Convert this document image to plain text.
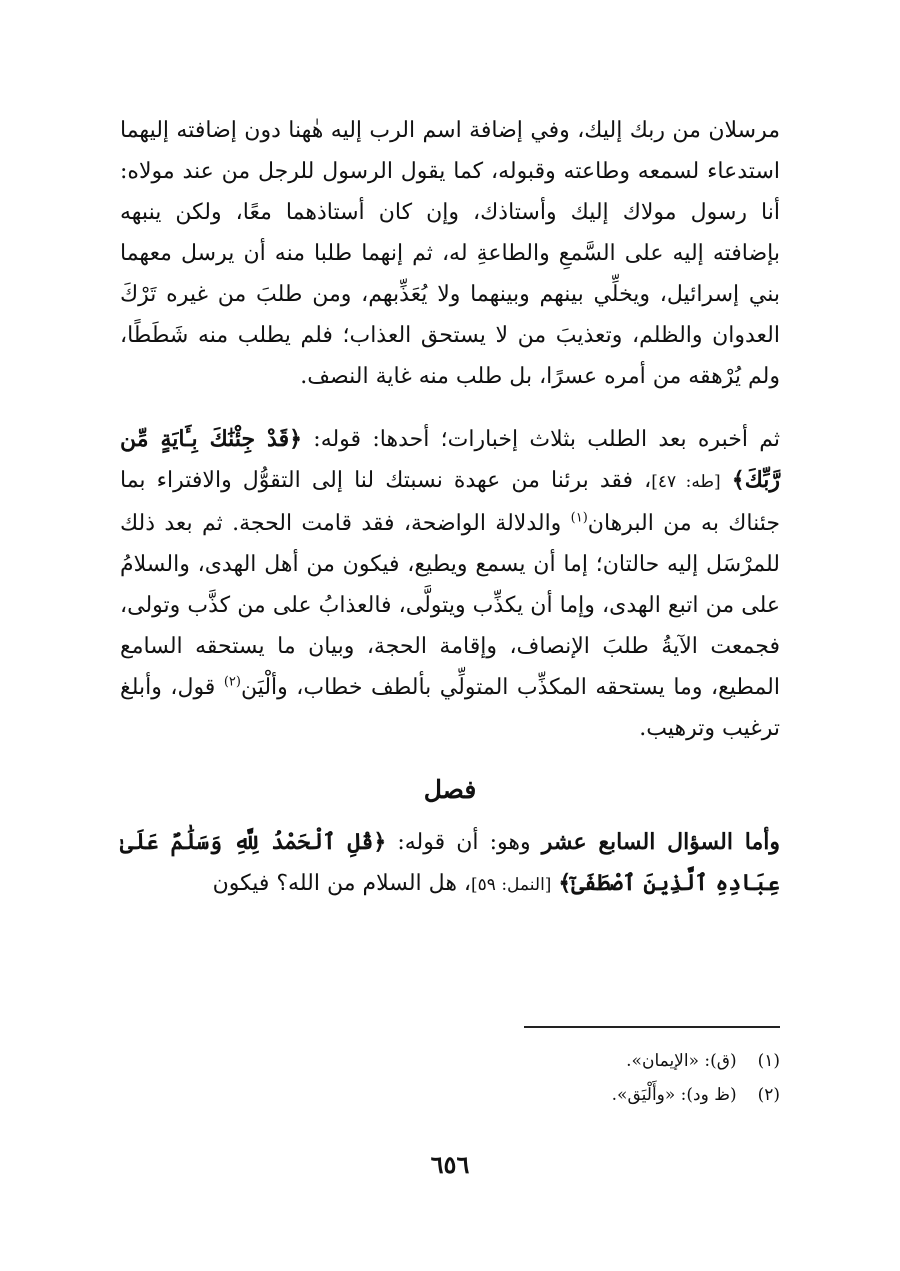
مرسلان من ربك إليك، وفي إضافة اسم الرب إليه هٰهنا دون إضافته إليهما استدعاء لسمعه وطاعته وقبوله، كما يقول الرسول للرجل من عند مولاه: أنا رسول مولاك إليك وأستاذك، وإن كان أستاذهما معًا، ولكن ينبهه بإضافته إليه على السَّمعِ والطاعةِ له، ثم إنهما طلبا منه أن يرسل معهما بني إسرائيل، ويخلِّي بينهم وبينهما ولا يُعَذِّبهم، ومن طلبَ من غيره تَرْكَ العدوان والظلم، وتعذيبَ من لا يستحق العذاب؛ فلم يطلب منه شَطَطًا، ولم يُرْهقه من أمره عسرًا، بل طلب منه غاية النصف.

ثم أخبره بعد الطلب بثلاث إخبارات؛ أحدها: قوله: ﴿قَدْ جِئْنَٰكَ بِـَٔايَةٍ مِّن رَّبِّكَ﴾ [طه: ٤٧]، فقد برئنا من عهدة نسبتك لنا إلى التقوُّل والافتراء بما جئناك به من البرهان$^{(١)}$ والدلالة الواضحة، فقد قامت الحجة. ثم بعد ذلك للمرْسَل إليه حالتان؛ إما أن يسمع ويطيع، فيكون من أهل الهدى، والسلامُ على من اتبع الهدى، وإما أن يكذِّب ويتولَّى، فالعذابُ على من كذَّب وتولى، فجمعت الآيةُ طلبَ الإنصاف، وإقامة الحجة، وبيان ما يستحقه السامع المطيع، وما يستحقه المكذِّب المتولِّي بألطف خطاب، وألْيَن$^{(٢)}$ قول، وأبلغ ترغيب وترهيب.

فصل

وأما السؤال السابع عشر وهو: أن قوله: ﴿قُلِ ٱلْحَمْدُ لِلَّهِ وَسَلَٰمٌ عَلَىٰ عِبَادِهِ ٱلَّذِينَ ٱصْطَفَىٰٓ﴾ [النمل: ٥٩]، هل السلام من الله؟ فيكون

(١) (ق): «الإيمان».
(٢) (ظ ود): «وأَلْيَق».
٦٥٦
